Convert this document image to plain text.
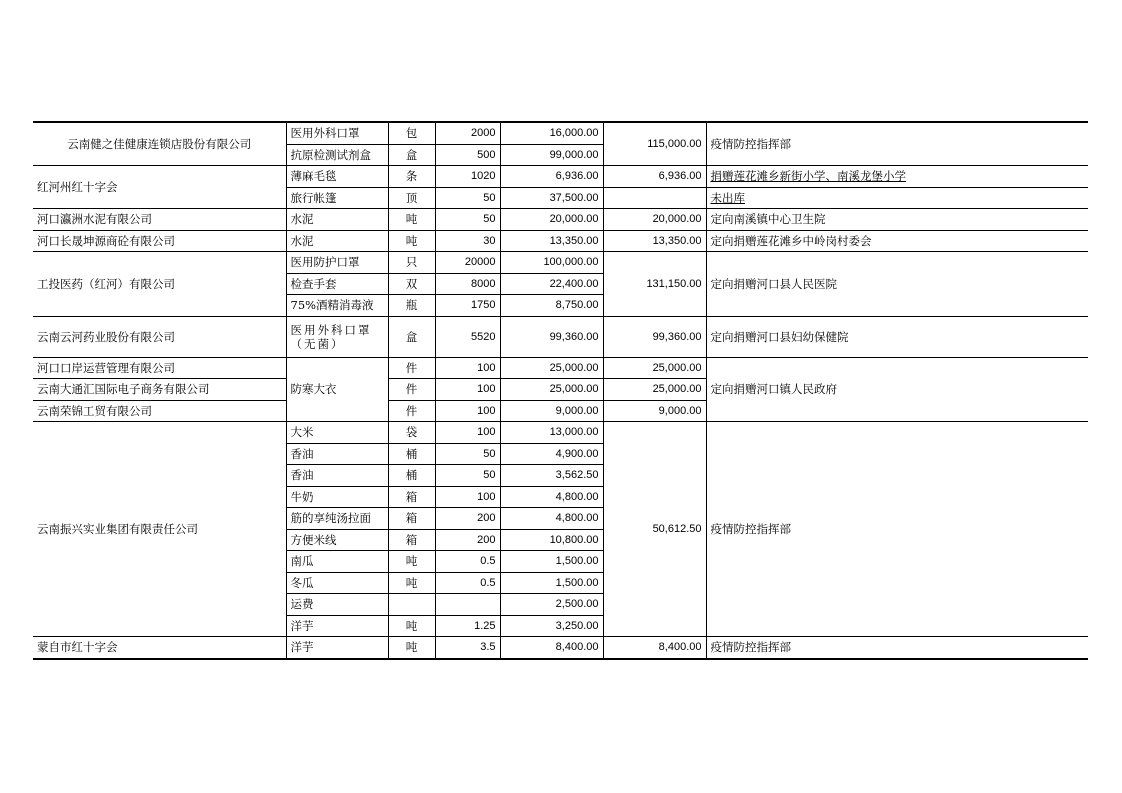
云南健之佳健康连锁店股份有限公司	医用外科口罩	包	2000	16,000.00	115,000.00	疫情防控指挥部
	抗原检测试剂盒	盒	500	99,000.00		
红河州红十字会	薄麻毛毯	条	1020	6,936.00	6,936.00	捐赠莲花滩乡新街小学、南溪龙堡小学
	旅行帐篷	顶	50	37,500.00		未出库
河口瀛洲水泥有限公司	水泥	吨	50	20,000.00	20,000.00	定向南溪镇中心卫生院
河口长晟坤源商砼有限公司	水泥	吨	30	13,350.00	13,350.00	定向捐赠莲花滩乡中岭岗村委会
工投医药（红河）有限公司	医用防护口罩	只	20000	100,000.00	131,150.00	定向捐赠河口县人民医院
	检查手套	双	8000	22,400.00		
	75%酒精消毒液	瓶	1750	8,750.00		
云南云河药业股份有限公司	医用外科口罩（无菌）	盒	5520	99,360.00	99,360.00	定向捐赠河口县妇幼保健院
河口口岸运营管理有限公司	防寒大衣	件	100	25,000.00	25,000.00	定向捐赠河口镇人民政府
云南大通汇国际电子商务有限公司		件	100	25,000.00	25,000.00	
云南荣锦工贸有限公司		件	100	9,000.00	9,000.00	
云南振兴实业集团有限责任公司	大米	袋	100	13,000.00	50,612.50	疫情防控指挥部
	香油	桶	50	4,900.00		
	香油	桶	50	3,562.50		
	牛奶	箱	100	4,800.00		
	筋的享纯汤拉面	箱	200	4,800.00		
	方便米线	箱	200	10,800.00		
	南瓜	吨	0.5	1,500.00		
	冬瓜	吨	0.5	1,500.00		
	运费			2,500.00		
	洋芋	吨	1.25	3,250.00		
蒙自市红十字会	洋芋	吨	3.5	8,400.00	8,400.00	疫情防控指挥部
